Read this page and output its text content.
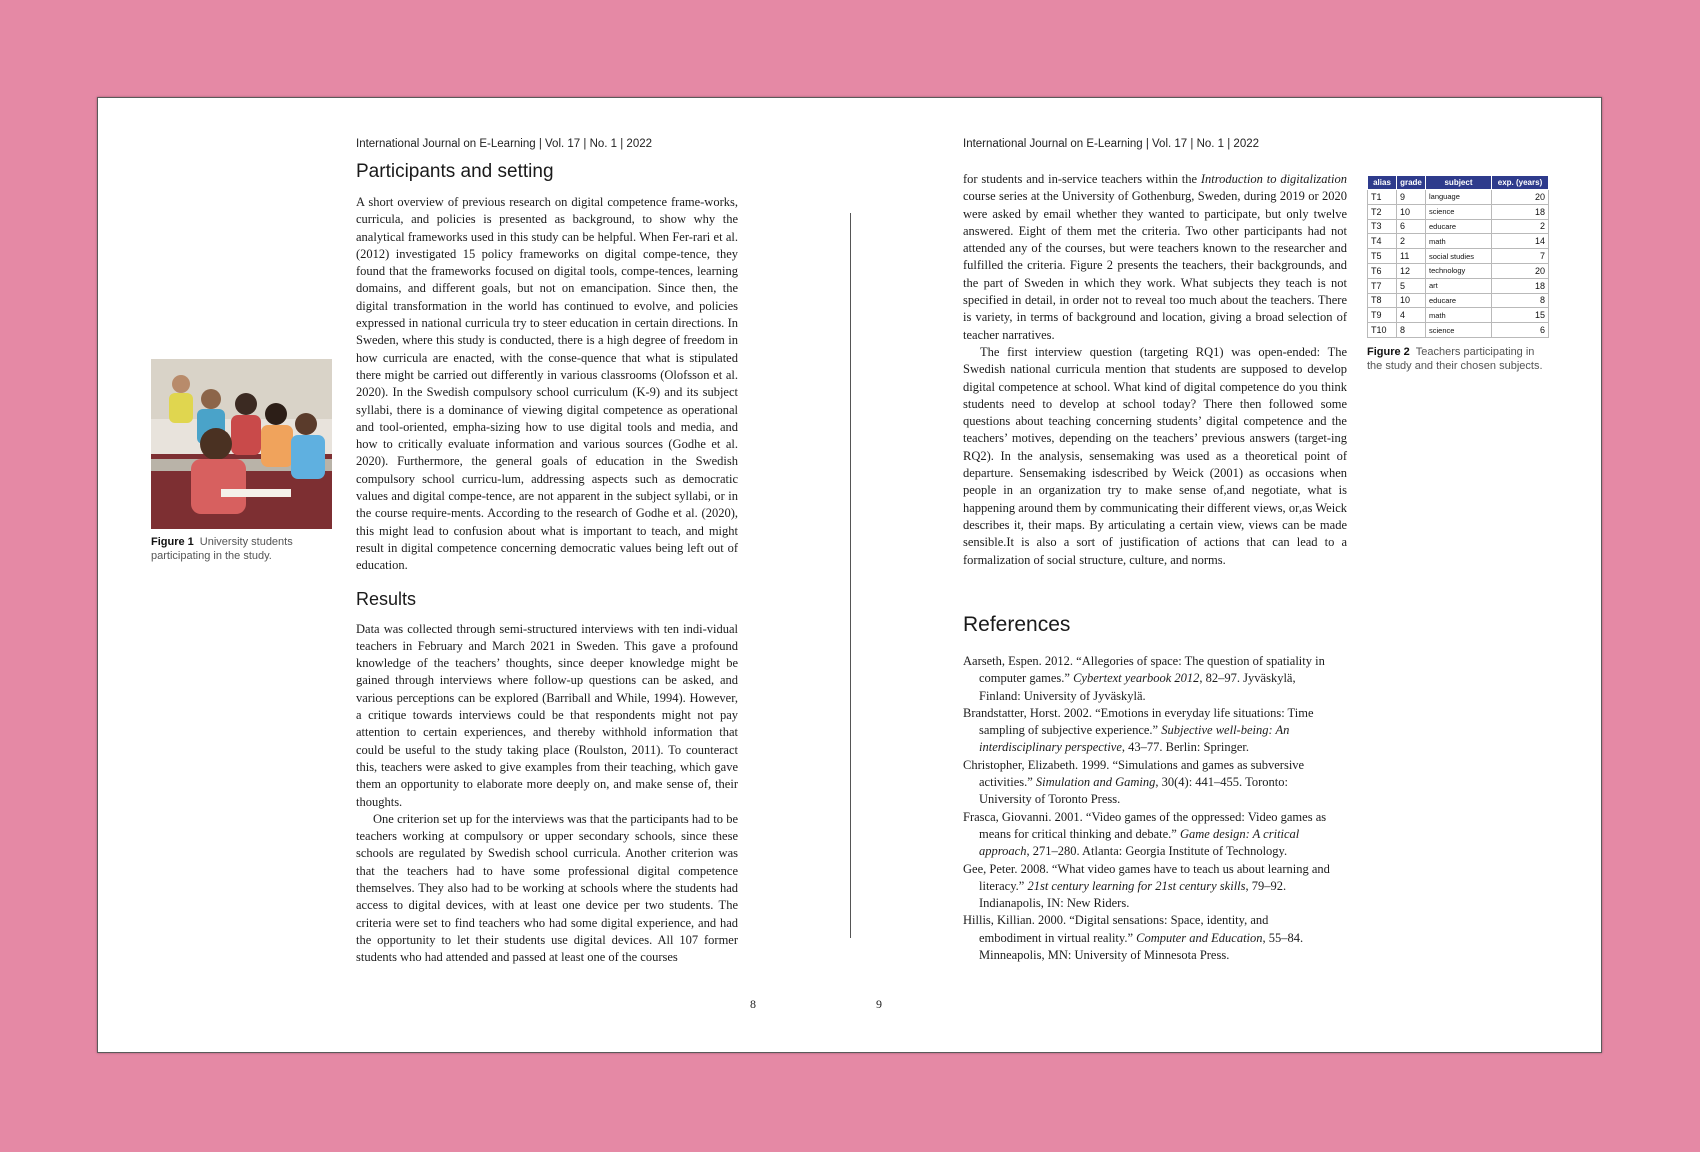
International Journal on E-Learning | Vol. 17 | No. 1 | 2022
Participants and setting

A short overview of previous research on digital competence frame-works, curricula, and policies is presented as background, to show why the analytical frameworks used in this study can be helpful. When Fer-rari et al. (2012) investigated 15 policy frameworks on digital compe-tence, they found that the frameworks focused on digital tools, compe-tences, learning domains, and different goals, but not on emancipation. Since then, the digital transformation in the world has continued to evolve, and policies expressed in national curricula try to steer education in certain directions. In Sweden, where this study is conducted, there is a high degree of freedom in how curricula are enacted, with the conse-quence that what is stipulated there might be carried out differently in various classrooms (Olofsson et al. 2020). In the Swedish compulsory school curriculum (K-9) and its subject syllabi, there is a dominance of viewing digital competence as operational and tool-oriented, empha-sizing how to use digital tools and media, and how to critically evaluate information and various sources (Godhe et al. 2020). Furthermore, the general goals of education in the Swedish compulsory school curricu-lum, addressing aspects such as democratic values and digital compe-tence, are not apparent in the subject syllabi, or in the course require-ments. According to the research of Godhe et al. (2020), this might lead to confusion about what is important to teach, and might result in digital competence concerning democratic values being left out of education.

Results

Data was collected through semi-structured interviews with ten indi-vidual teachers in February and March 2021 in Sweden. This gave a profound knowledge of the teachers’ thoughts, since deeper knowledge might be gained through interviews where follow-up questions can be asked, and various perceptions can be explored (Barriball and While, 1994). However, a critique towards interviews could be that respondents might not pay attention to certain experiences, and thereby withhold information that could be useful to the study taking place (Roulston, 2011). To counteract this, teachers were asked to give examples from their teaching, which gave them an opportunity to elaborate more deeply on, and make sense of, their thoughts.

One criterion set up for the interviews was that the participants had to be teachers working at compulsory or upper secondary schools, since these schools are regulated by Swedish school curricula. Another criterion was that the teachers had to have some professional digital competence themselves. They also had to be working at schools where the students had access to digital devices, with at least one device per two students. The criteria were set to find teachers who had some digital experience, and had the opportunity to let their students use digital devices. All 107 former students who had attended and passed at least one of the courses

Figure 1 University students participating in the study.
8
International Journal on E-Learning | Vol. 17 | No. 1 | 2022

for students and in-service teachers within the Introduction to digitalization course series at the University of Gothenburg, Sweden, during 2019 or 2020 were asked by email whether they wanted to participate, but only twelve answered. Eight of them met the criteria. Two other participants had not attended any of the courses, but were teachers known to the researcher and fulfilled the criteria. Figure 2 presents the teachers, their backgrounds, and the part of Sweden in which they work. What subjects they teach is not specified in detail, in order not to reveal too much about the teachers. There is variety, in terms of background and location, giving a broad selection of teacher narratives.

The first interview question (targeting RQ1) was open-ended: The Swedish national curricula mention that students are supposed to develop digital competence at school. What kind of digital competence do you think students need to develop at school today? There then followed some questions about teaching concerning students’ digital competence and the teachers’ motives, depending on the teachers’ previous answers (target-ing RQ2). In the analysis, sensemaking was used as a theoretical point of departure. Sensemaking isdescribed by Weick (2001) as occasions when people in an organization try to make sense of,and negotiate, what is happening around them by communicating their different views, or,as Weick describes it, their maps. By articulating a certain view, views can be made sensible.It is also a sort of justification of actions that can lead to a formalization of social structure, culture, and norms.

References

Aarseth, Espen. 2012. “Allegories of space: The question of spatiality in computer games.” Cybertext yearbook 2012, 82–97. Jyväskylä, Finland: University of Jyväskylä.

Brandstatter, Horst. 2002. “Emotions in everyday life situations: Time sampling of subjective experience.” Subjective well-being: An interdisciplinary perspective, 43–77. Berlin: Springer.

Christopher, Elizabeth. 1999. “Simulations and games as subversive activities.” Simulation and Gaming, 30(4): 441–455. Toronto: University of Toronto Press.

Frasca, Giovanni. 2001. “Video games of the oppressed: Video games as means for critical thinking and debate.” Game design: A critical approach, 271–280. Atlanta: Georgia Institute of Technology.

Gee, Peter. 2008. “What video games have to teach us about learning and literacy.” 21st century learning for 21st century skills, 79–92. Indianapolis, IN: New Riders.

Hillis, Killian. 2000. “Digital sensations: Space, identity, and embodiment in virtual reality.” Computer and Education, 55–84. Minneapolis, MN: University of Minnesota Press.

alias	grade	subject	exp. (years)
T1	9	language	20
T2	10	science	18
T3	6	educare	2
T4	2	math	14
T5	11	social studies	7
T6	12	technology	20
T7	5	art	18
T8	10	educare	8
T9	4	math	15
T10	8	science	6
Figure 2 Teachers participating in the study and their chosen subjects.
9
